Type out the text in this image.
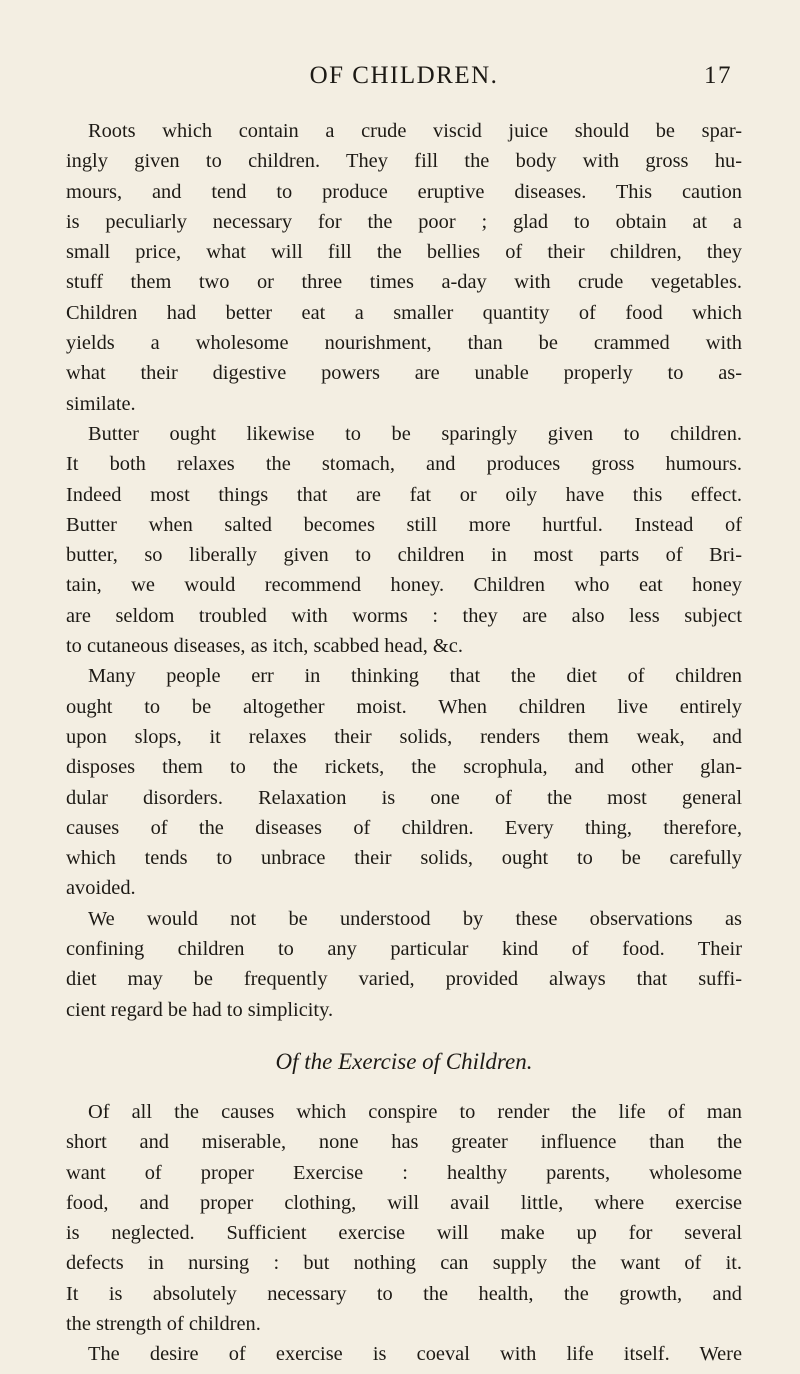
OF CHILDREN.	17
Roots which contain a crude viscid juice should be spar-
ingly given to children. They fill the body with gross hu-
mours, and tend to produce eruptive diseases. This caution
is peculiarly necessary for the poor ; glad to obtain at a
small price, what will fill the bellies of their children, they
stuff them two or three times a-day with crude vegetables.
Children had better eat a smaller quantity of food which
yields a wholesome nourishment, than be crammed with
what their digestive powers are unable properly to as-
similate.
Butter ought likewise to be sparingly given to children.
It both relaxes the stomach, and produces gross humours.
Indeed most things that are fat or oily have this effect.
Butter when salted becomes still more hurtful. Instead of
butter, so liberally given to children in most parts of Bri-
tain, we would recommend honey. Children who eat honey
are seldom troubled with worms : they are also less subject
to cutaneous diseases, as itch, scabbed head, &c.
Many people err in thinking that the diet of children
ought to be altogether moist. When children live entirely
upon slops, it relaxes their solids, renders them weak, and
disposes them to the rickets, the scrophula, and other glan-
dular disorders. Relaxation is one of the most general
causes of the diseases of children. Every thing, therefore,
which tends to unbrace their solids, ought to be carefully
avoided.
We would not be understood by these observations as
confining children to any particular kind of food. Their
diet may be frequently varied, provided always that suffi-
cient regard be had to simplicity.
Of the Exercise of Children.
Of all the causes which conspire to render the life of man
short and miserable, none has greater influence than the
want of proper Exercise : healthy parents, wholesome
food, and proper clothing, will avail little, where exercise
is neglected. Sufficient exercise will make up for several
defects in nursing : but nothing can supply the want of it.
It is absolutely necessary to the health, the growth, and
the strength of children.
The desire of exercise is coeval with life itself. Were
